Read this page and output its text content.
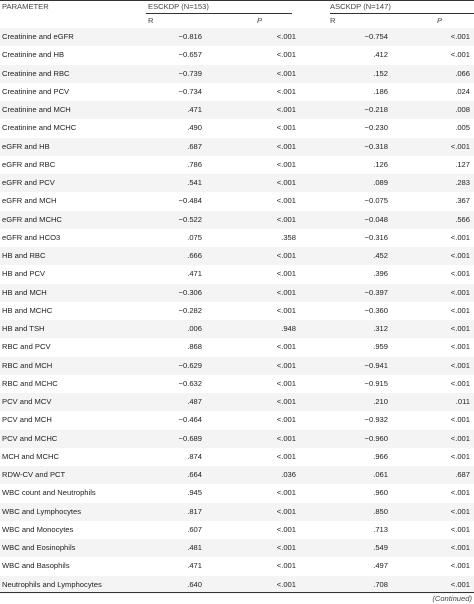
PARAMETER	ESCKDP (N=153)	ASCKDP (N=147)
R	P	R	P
Creatinine and eGFR	−0.816	<.001	−0.754	<.001
Creatinine and HB	−0.657	<.001	.412	<.001
Creatinine and RBC	−0.739	<.001	.152	.066
Creatinine and PCV	−0.734	<.001	.186	.024
Creatinine and MCH	.471	<.001	−0.218	.008
Creatinine and MCHC	.490	<.001	−0.230	.005
eGFR and HB	.687	<.001	−0.318	<.001
eGFR and RBC	.786	<.001	.126	.127
eGFR and PCV	.541	<.001	.089	.283
eGFR and MCH	−0.484	<.001	−0.075	.367
eGFR and MCHC	−0.522	<.001	−0.048	.566
eGFR and HCO3	.075	.358	−0.316	<.001
HB and RBC	.666	<.001	.452	<.001
HB and PCV	.471	<.001	.396	<.001
HB and MCH	−0.306	<.001	−0.397	<.001
HB and MCHC	−0.282	<.001	−0.360	<.001
HB and TSH	.006	.948	.312	<.001
RBC and PCV	.868	<.001	.959	<.001
RBC and MCH	−0.629	<.001	−0.941	<.001
RBC and MCHC	−0.632	<.001	−0.915	<.001
PCV and MCV	.487	<.001	.210	.011
PCV and MCH	−0.464	<.001	−0.932	<.001
PCV and MCHC	−0.689	<.001	−0.960	<.001
MCH and MCHC	.874	<.001	.966	<.001
RDW-CV and PCT	.664	.036	.061	.687
WBC count and Neutrophils	.945	<.001	.960	<.001
WBC and Lymphocytes	.817	<.001	.850	<.001
WBC and Monocytes	.607	<.001	.713	<.001
WBC and Eosinophils	.481	<.001	.549	<.001
WBC and Basophils	.471	<.001	.497	<.001
Neutrophils and Lymphocytes	.640	<.001	.708	<.001
(Continued)
